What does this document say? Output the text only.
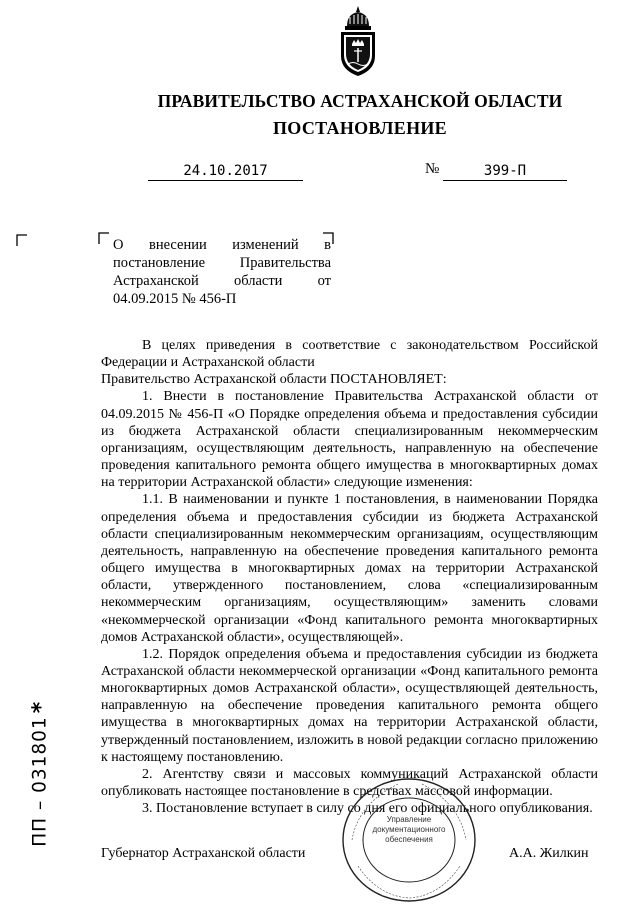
ПРАВИТЕЛЬСТВО АСТРАХАНСКОЙ ОБЛАСТИ
ПОСТАНОВЛЕНИЕ
24.10.2017	№	399-П
О внесении изменений в постановление Правительства Астраханской области от 04.09.2015 № 456-П

В целях приведения в соответствие с законодательством Российской Федерации и Астраханской области

Правительство Астраханской области ПОСТАНОВЛЯЕТ:

1. Внести в постановление Правительства Астраханской области от 04.09.2015 № 456-П «О Порядке определения объема и предоставления субсидии из бюджета Астраханской области специализированным некоммерческим организациям, осуществляющим деятельность, направленную на обеспечение проведения капитального ремонта общего имущества в многоквартирных домах на территории Астраханской области» следующие изменения:

1.1. В наименовании и пункте 1 постановления, в наименовании Порядка определения объема и предоставления субсидии из бюджета Астраханской области специализированным некоммерческим организациям, осуществляющим деятельность, направленную на обеспечение проведения капитального ремонта общего имущества в многоквартирных домах на территории Астраханской области, утвержденного постановлением, слова «специализированным некоммерческим организациям, осуществляющим» заменить словами «некоммерческой организации «Фонд капитального ремонта многоквартирных домов Астраханской области», осуществляющей».

1.2. Порядок определения объема и предоставления субсидии из бюджета Астраханской области некоммерческой организации «Фонд капитального ремонта многоквартирных домов Астраханской области», осуществляющей деятельность, направленную на обеспечение проведения капитального ремонта общего имущества в многоквартирных домах на территории Астраханской области, утвержденный постановлением, изложить в новой редакции согласно приложению к настоящему постановлению.

2. Агентству связи и массовых коммуникаций Астраханской области опубликовать настоящее постановление в средствах массовой информации.

3. Постановление вступает в силу со дня его официального опубликования.

Управление документационного обеспечения
Губернатор Астраханской области	А.А. Жилкин
ПП – 031801
*
